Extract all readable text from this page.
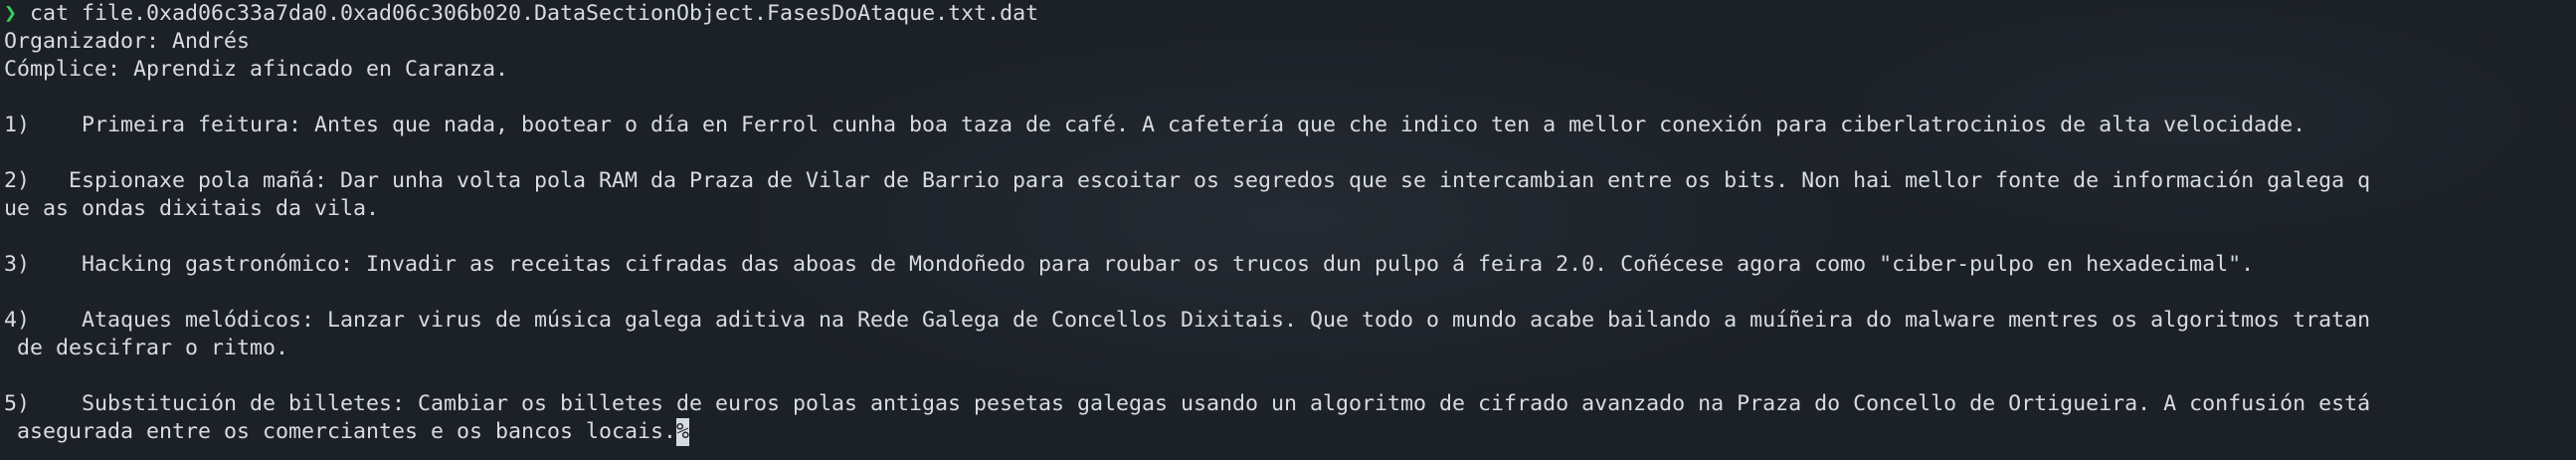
❯ cat file.0xad06c33a7da0.0xad06c306b020.DataSectionObject.FasesDoAtaque.txt.dat
Organizador: Andrés
Cómplice: Aprendiz afincado en Caranza.
1)    Primeira feitura: Antes que nada, bootear o día en Ferrol cunha boa taza de café. A cafetería que che indico ten a mellor conexión para ciberlatrocinios de alta velocidade.
2)   Espionaxe pola mañá: Dar unha volta pola RAM da Praza de Vilar de Barrio para escoitar os segredos que se intercambian entre os bits. Non hai mellor fonte de información galega q
ue as ondas dixitais da vila.
3)    Hacking gastronómico: Invadir as receitas cifradas das aboas de Mondoñedo para roubar os trucos dun pulpo á feira 2.0. Coñécese agora como "ciber-pulpo en hexadecimal".
4)    Ataques melódicos: Lanzar virus de música galega aditiva na Rede Galega de Concellos Dixitais. Que todo o mundo acabe bailando a muíñeira do malware mentres os algoritmos tratan
de descifrar o ritmo.
5)    Substitución de billetes: Cambiar os billetes de euros polas antigas pesetas galegas usando un algoritmo de cifrado avanzado na Praza do Concello de Ortigueira. A confusión está
asegurada entre os comerciantes e os bancos locais.%
